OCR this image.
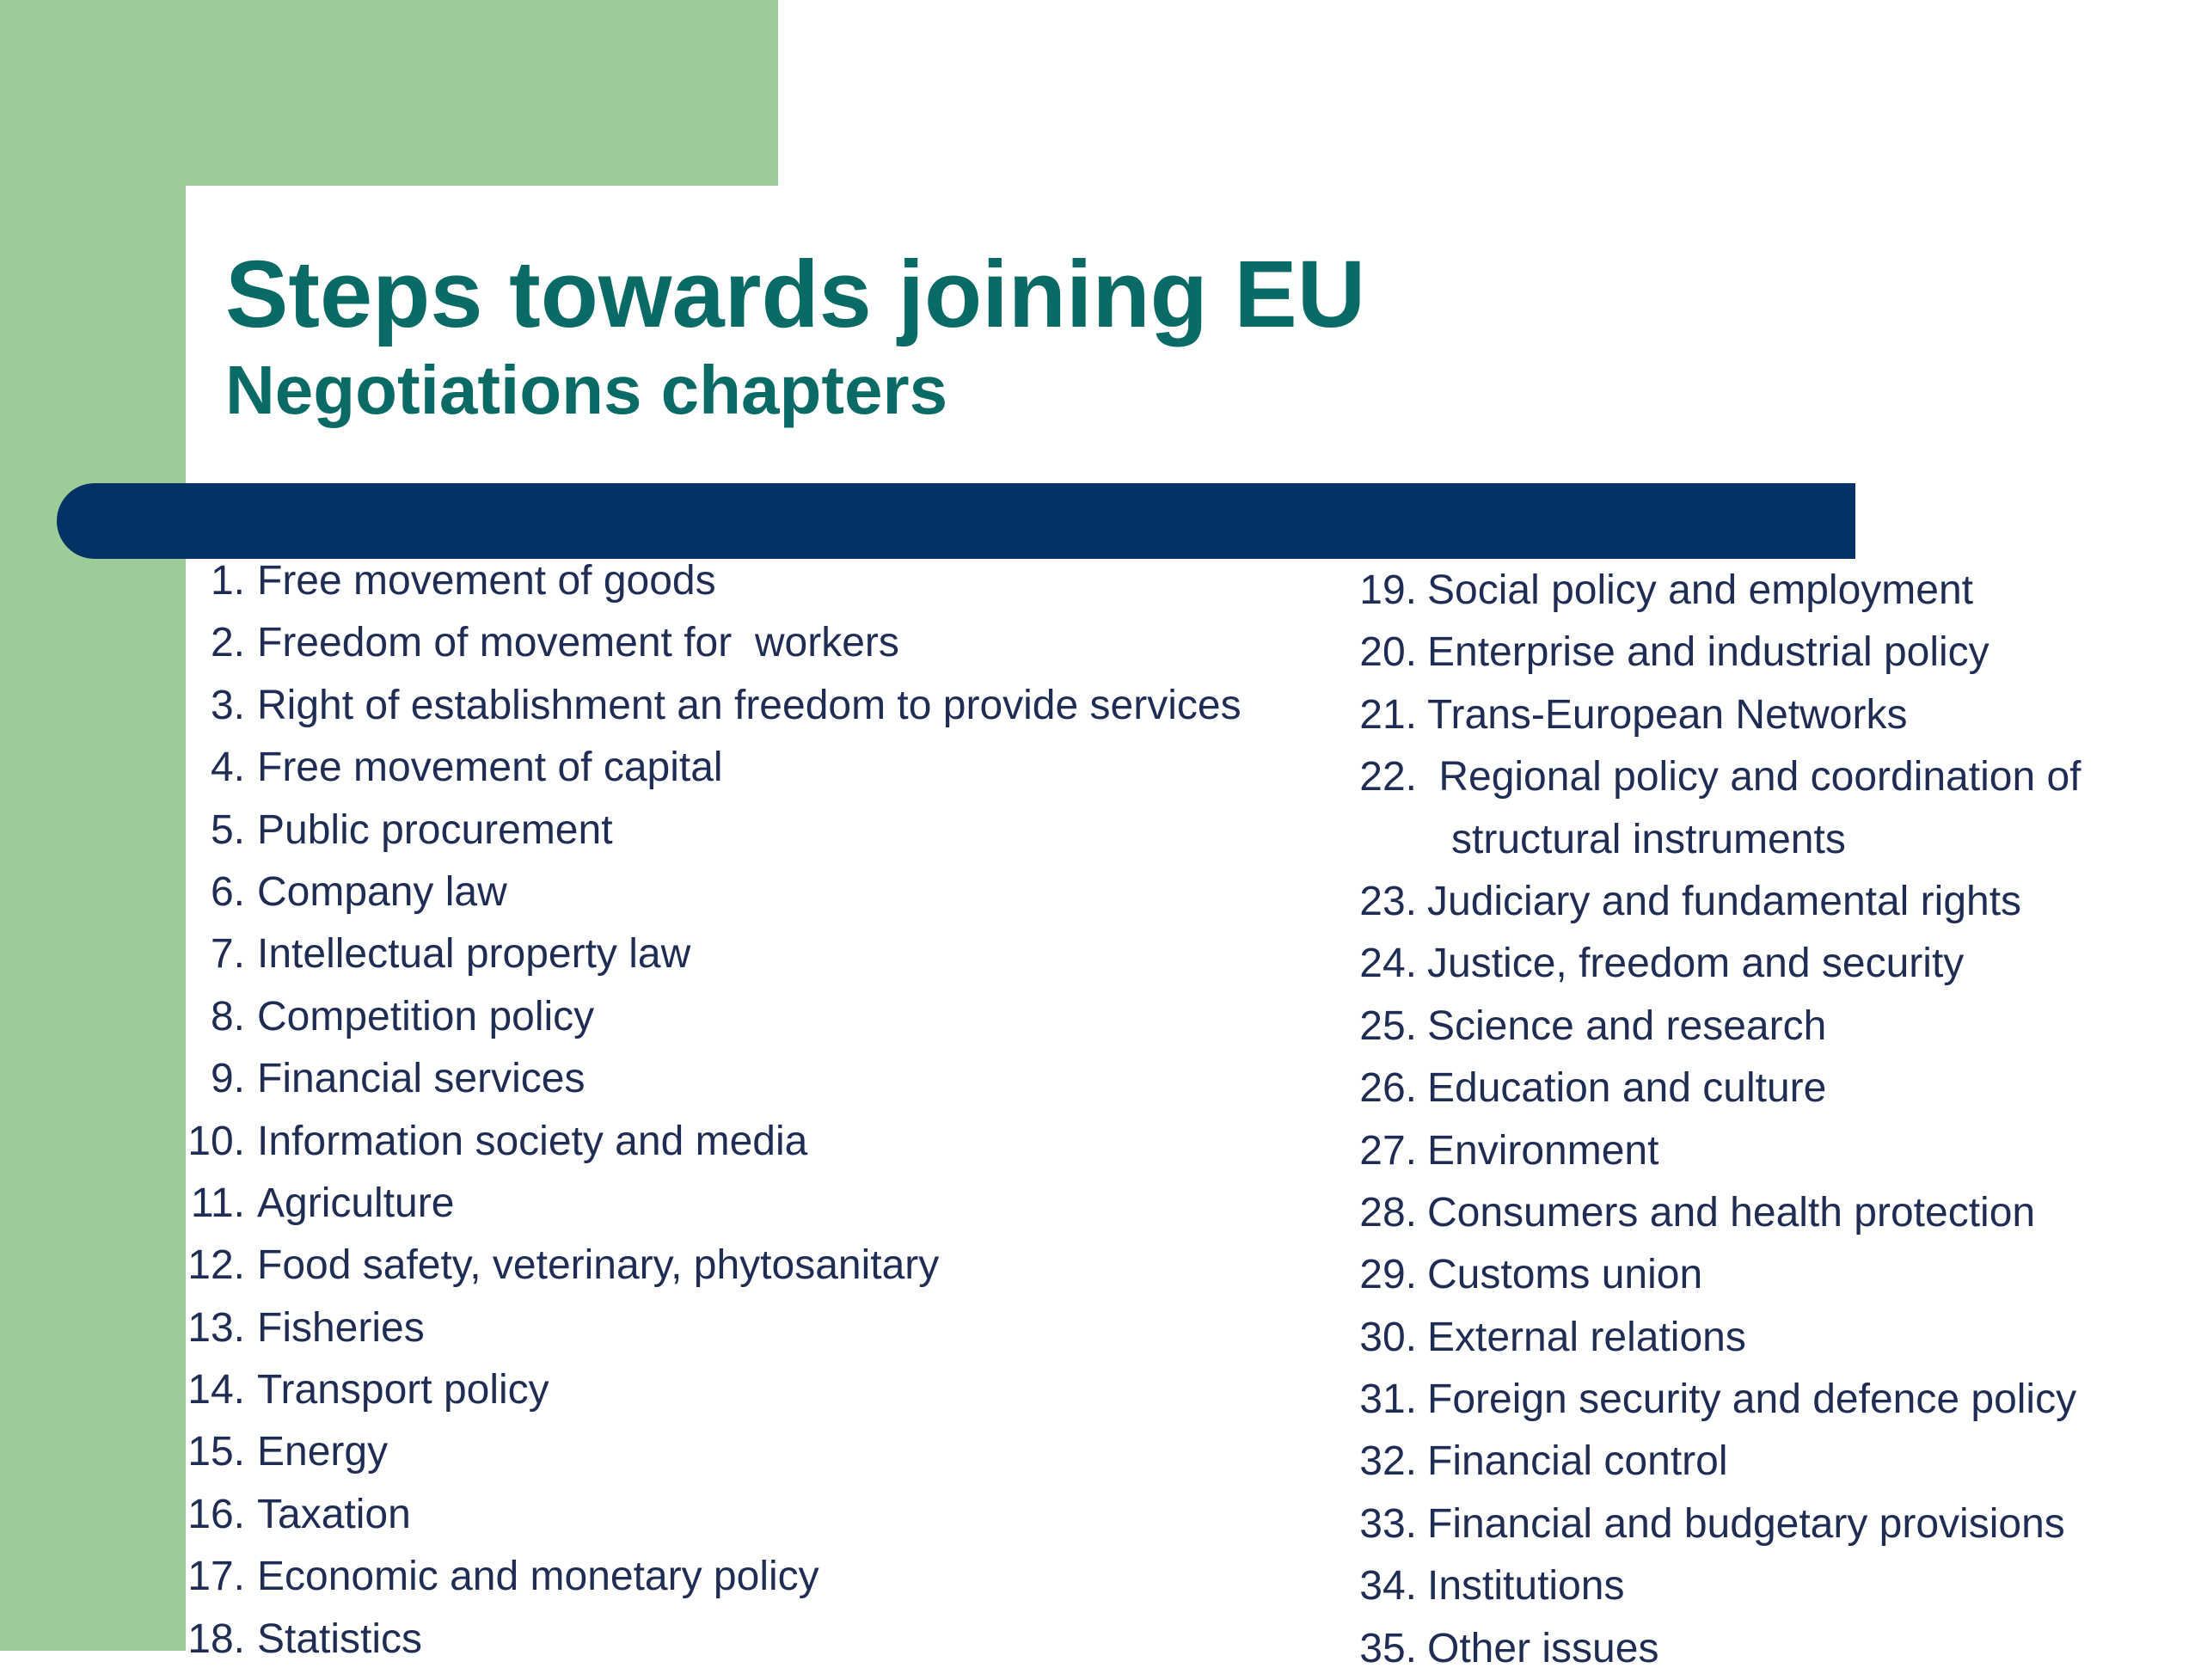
Steps towards joining EU
Negotiations chapters
1. Free movement of goods
2. Freedom of movement for  workers
3. Right of establishment an freedom to provide services
4. Free movement of capital
5. Public procurement
6. Company law
7. Intellectual property law
8. Competition policy
9. Financial services
10. Information society and media
11. Agriculture
12. Food safety, veterinary, phytosanitary
13. Fisheries
14. Transport policy
15. Energy
16. Taxation
17. Economic and monetary policy
18. Statistics
19. Social policy and employment
20. Enterprise and industrial policy
21. Trans-European Networks
22. Regional policy and coordination of
structural instruments
23. Judiciary and fundamental rights
24. Justice, freedom and security
25. Science and research
26. Education and culture
27. Environment
28. Consumers and health protection
29. Customs union
30. External relations
31. Foreign security and defence policy
32. Financial control
33. Financial and budgetary provisions
34. Institutions
35. Other issues
